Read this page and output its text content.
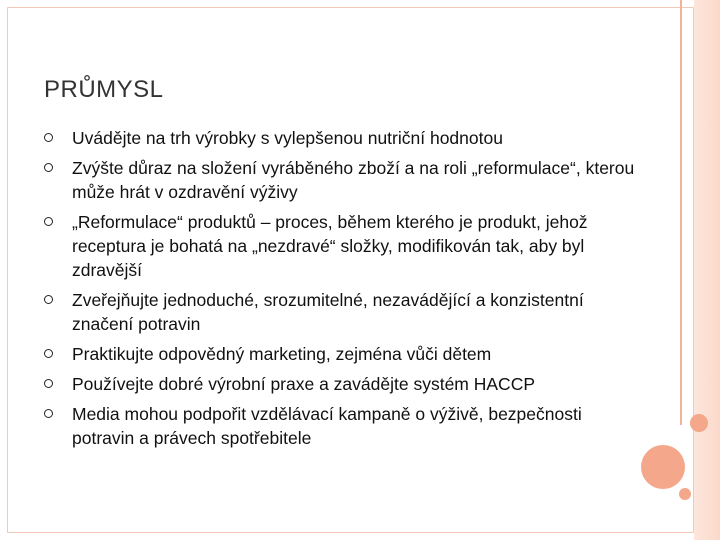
PRŮMYSL
Uvádějte na trh výrobky s vylepšenou nutriční hodnotou
Zvýšte důraz na složení vyráběného zboží a na roli „reformulace“, kterou může hrát v ozdravění výživy
„Reformulace“ produktů – proces, během kterého je produkt, jehož receptura je bohatá na „nezdravé“ složky, modifikován tak, aby byl zdravější
Zveřejňujte jednoduché, srozumitelné, nezavádějící a konzistentní značení potravin
Praktikujte odpovědný marketing, zejména vůči dětem
Používejte dobré výrobní praxe a zavádějte systém HACCP
Media mohou podpořit vzdělávací kampaně o výživě, bezpečnosti potravin a právech spotřebitele
